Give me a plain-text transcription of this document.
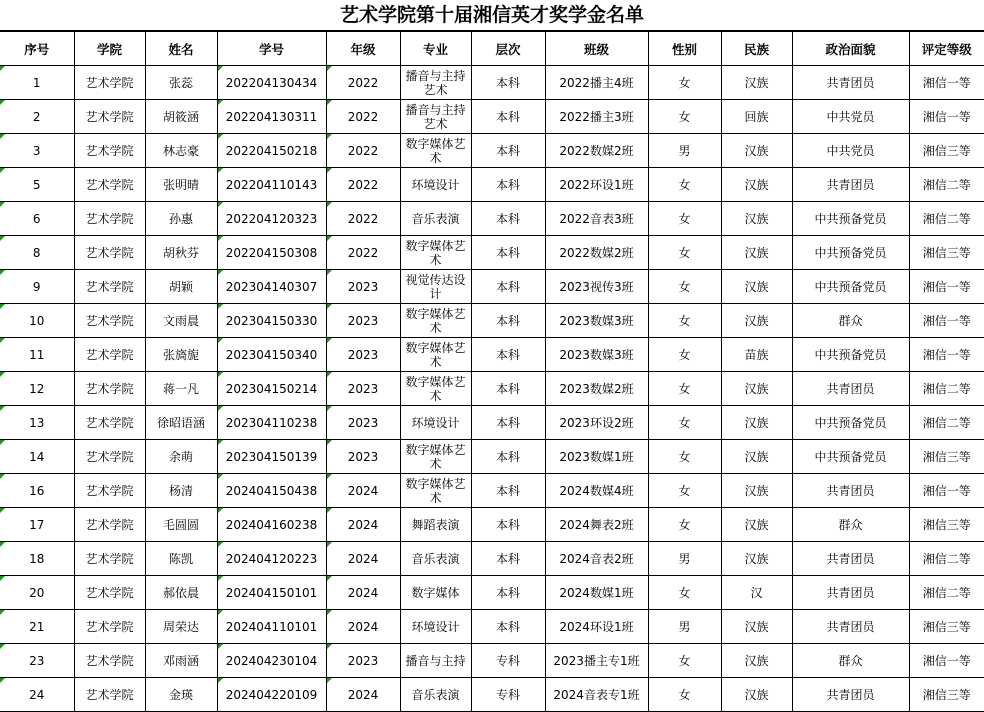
艺术学院第十届湘信英才奖学金名单
序号	学院	姓名	学号	年级	专业	层次	班级	性别	民族	政治面貌	评定等级
1	艺术学院	张蕊	202204130434	2022	播音与主持艺术	本科	2022播主4班	女	汉族	共青团员	湘信一等
2	艺术学院	胡筱涵	202204130311	2022	播音与主持艺术	本科	2022播主3班	女	回族	中共党员	湘信一等
3	艺术学院	林志豪	202204150218	2022	数字媒体艺术	本科	2022数媒2班	男	汉族	中共党员	湘信三等
5	艺术学院	张明晴	202204110143	2022	环境设计	本科	2022环设1班	女	汉族	共青团员	湘信二等
6	艺术学院	孙惠	202204120323	2022	音乐表演	本科	2022音表3班	女	汉族	中共预备党员	湘信二等
8	艺术学院	胡秋芬	202204150308	2022	数字媒体艺术	本科	2022数媒2班	女	汉族	中共预备党员	湘信三等
9	艺术学院	胡颖	202304140307	2023	视觉传达设计	本科	2023视传3班	女	汉族	中共预备党员	湘信一等
10	艺术学院	文雨晨	202304150330	2023	数字媒体艺术	本科	2023数媒3班	女	汉族	群众	湘信一等
11	艺术学院	张旖旎	202304150340	2023	数字媒体艺术	本科	2023数媒3班	女	苗族	中共预备党员	湘信一等
12	艺术学院	蒋一凡	202304150214	2023	数字媒体艺术	本科	2023数媒2班	女	汉族	共青团员	湘信二等
13	艺术学院	徐昭语涵	202304110238	2023	环境设计	本科	2023环设2班	女	汉族	中共预备党员	湘信二等
14	艺术学院	余萌	202304150139	2023	数字媒体艺术	本科	2023数媒1班	女	汉族	中共预备党员	湘信三等
16	艺术学院	杨清	202404150438	2024	数字媒体艺术	本科	2024数媒4班	女	汉族	共青团员	湘信一等
17	艺术学院	毛圆圆	202404160238	2024	舞蹈表演	本科	2024舞表2班	女	汉族	群众	湘信三等
18	艺术学院	陈凯	202404120223	2024	音乐表演	本科	2024音表2班	男	汉族	共青团员	湘信二等
20	艺术学院	郝依晨	202404150101	2024	数字媒体	本科	2024数媒1班	女	汉	共青团员	湘信二等
21	艺术学院	周荣达	202404110101	2024	环境设计	本科	2024环设1班	男	汉族	共青团员	湘信三等
23	艺术学院	邓雨涵	202404230104	2023	播音与主持	专科	2023播主专1班	女	汉族	群众	湘信一等
24	艺术学院	金瑛	202404220109	2024	音乐表演	专科	2024音表专1班	女	汉族	共青团员	湘信三等
